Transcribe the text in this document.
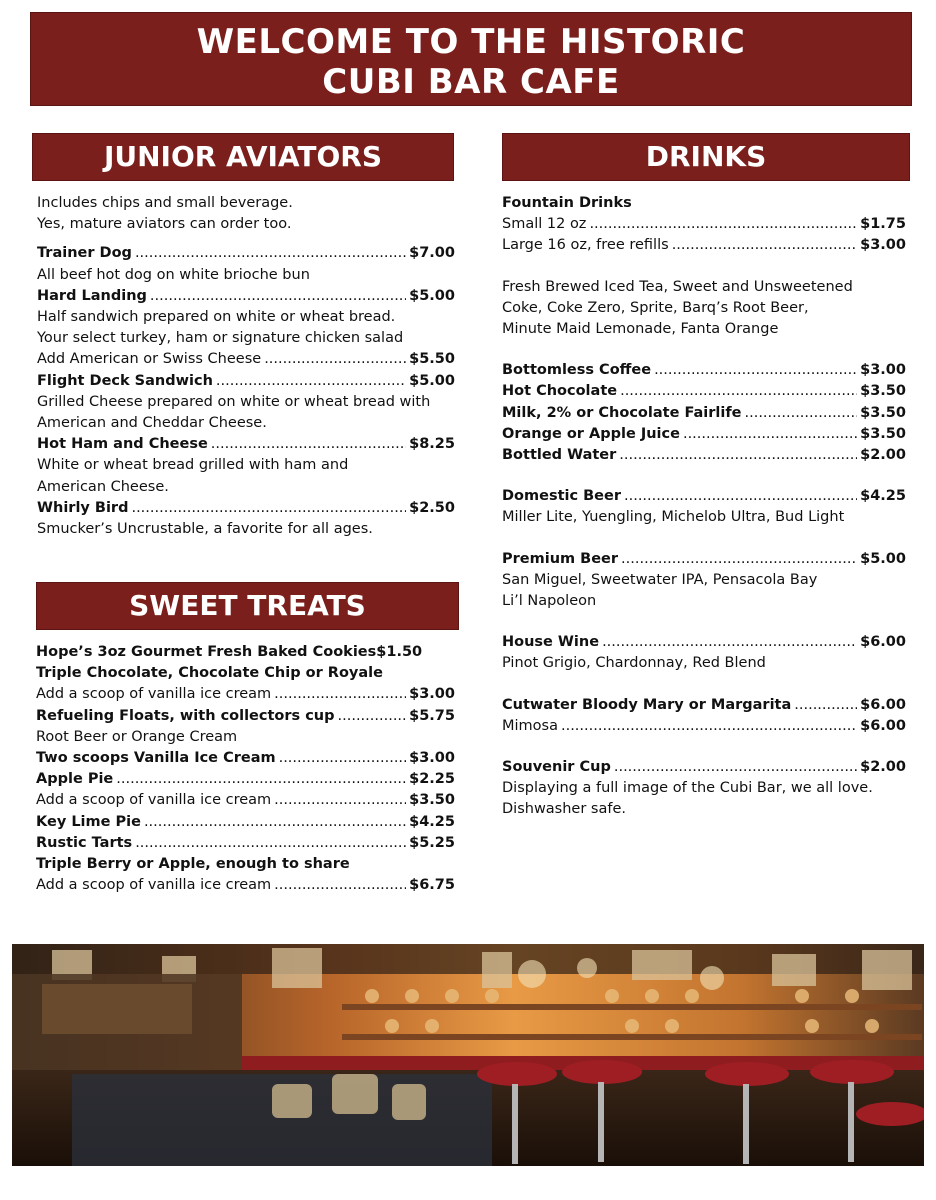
WELCOME TO THE HISTORIC
CUBI BAR CAFE
JUNIOR AVIATORS	DRINKS
SWEET TREATS
Includes chips and small beverage.
Yes, mature aviators can order too.
Trainer Dog .....	$7.00
All beef hot dog on white brioche bun
Hard Landing .....	$5.00
Half sandwich prepared on white or wheat bread.
Your select turkey, ham or signature chicken salad
Add American or Swiss Cheese .....	$5.50
Flight Deck Sandwich .....	$5.00
Grilled Cheese prepared on white or wheat bread with
American and Cheddar Cheese.
Hot Ham and Cheese .....	$8.25
White or wheat bread grilled with ham and
American Cheese.
Whirly Bird .....	$2.50
Smucker’s Uncrustable, a favorite for all ages.
Hope’s 3oz Gourmet Fresh Baked Cookies $1.50
Triple Chocolate, Chocolate Chip or Royale
Add a scoop of vanilla ice cream .....	$3.00
Refueling Floats, with collectors cup .....	$5.75
Root Beer or Orange Cream
Two scoops Vanilla Ice Cream .....	$3.00
Apple Pie .....	$2.25
Add a scoop of vanilla ice cream .....	$3.50
Key Lime Pie .....	$4.25
Rustic Tarts .....	$5.25
Triple Berry or Apple, enough to share
Add a scoop of vanilla ice cream .....	$6.75
Fountain Drinks
Small 12 oz .....	$1.75
Large 16 oz, free refills .....	$3.00
Fresh Brewed Iced Tea, Sweet and Unsweetened
Coke, Coke Zero, Sprite, Barq’s Root Beer,
Minute Maid Lemonade, Fanta Orange
Bottomless Coffee .....	$3.00
Hot Chocolate .....	$3.50
Milk, 2% or Chocolate Fairlife .....	$3.50
Orange or Apple Juice .....	$3.50
Bottled Water .....	$2.00
Domestic Beer .....	$4.25
Miller Lite, Yuengling, Michelob Ultra, Bud Light
Premium Beer .....	$5.00
San Miguel, Sweetwater IPA, Pensacola Bay
Li’l Napoleon
House Wine .....	$6.00
Pinot Grigio, Chardonnay, Red Blend
Cutwater Bloody Mary or Margarita .....	$6.00
Mimosa .....	$6.00
Souvenir Cup .....	$2.00
Displaying a full image of the Cubi Bar, we all love.
Dishwasher safe.
